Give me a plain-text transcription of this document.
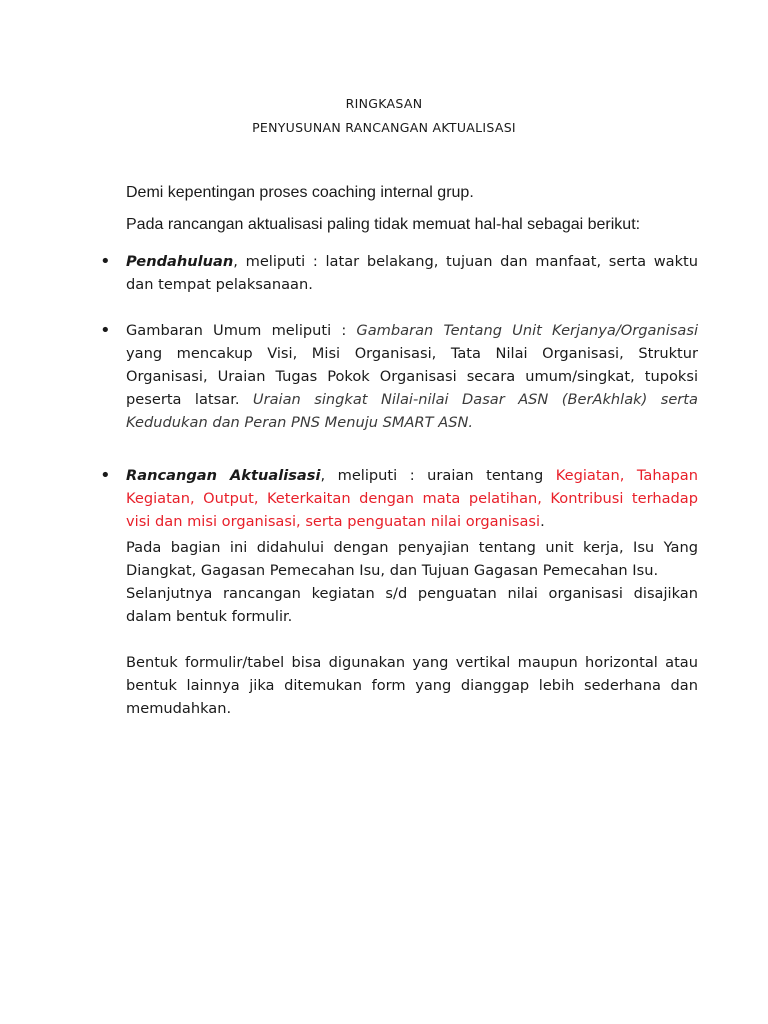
RINGKASAN
PENYUSUNAN RANCANGAN AKTUALISASI
Demi kepentingan proses coaching internal grup.
Pada rancangan aktualisasi paling tidak memuat hal-hal sebagai berikut:
• Pendahuluan, meliputi : latar belakang, tujuan dan manfaat, serta waktu dan tempat pelaksanaan.
• Gambaran Umum meliputi : Gambaran Tentang Unit Kerjanya/Organisasi yang mencakup Visi, Misi Organisasi, Tata Nilai Organisasi, Struktur Organisasi, Uraian Tugas Pokok Organisasi secara umum/singkat, tupoksi peserta latsar. Uraian singkat Nilai-nilai Dasar ASN (BerAkhlak) serta Kedudukan dan Peran PNS Menuju SMART ASN.
• Rancangan Aktualisasi, meliputi : uraian tentang Kegiatan, Tahapan Kegiatan, Output, Keterkaitan dengan mata pelatihan, Kontribusi terhadap visi dan misi organisasi, serta penguatan nilai organisasi.
Pada bagian ini didahului dengan penyajian tentang unit kerja, Isu Yang Diangkat, Gagasan Pemecahan Isu, dan Tujuan Gagasan Pemecahan Isu.
Selanjutnya rancangan kegiatan s/d penguatan nilai organisasi disajikan dalam bentuk formulir.
Bentuk formulir/tabel bisa digunakan yang vertikal maupun horizontal atau bentuk lainnya jika ditemukan form yang dianggap lebih sederhana dan memudahkan.
